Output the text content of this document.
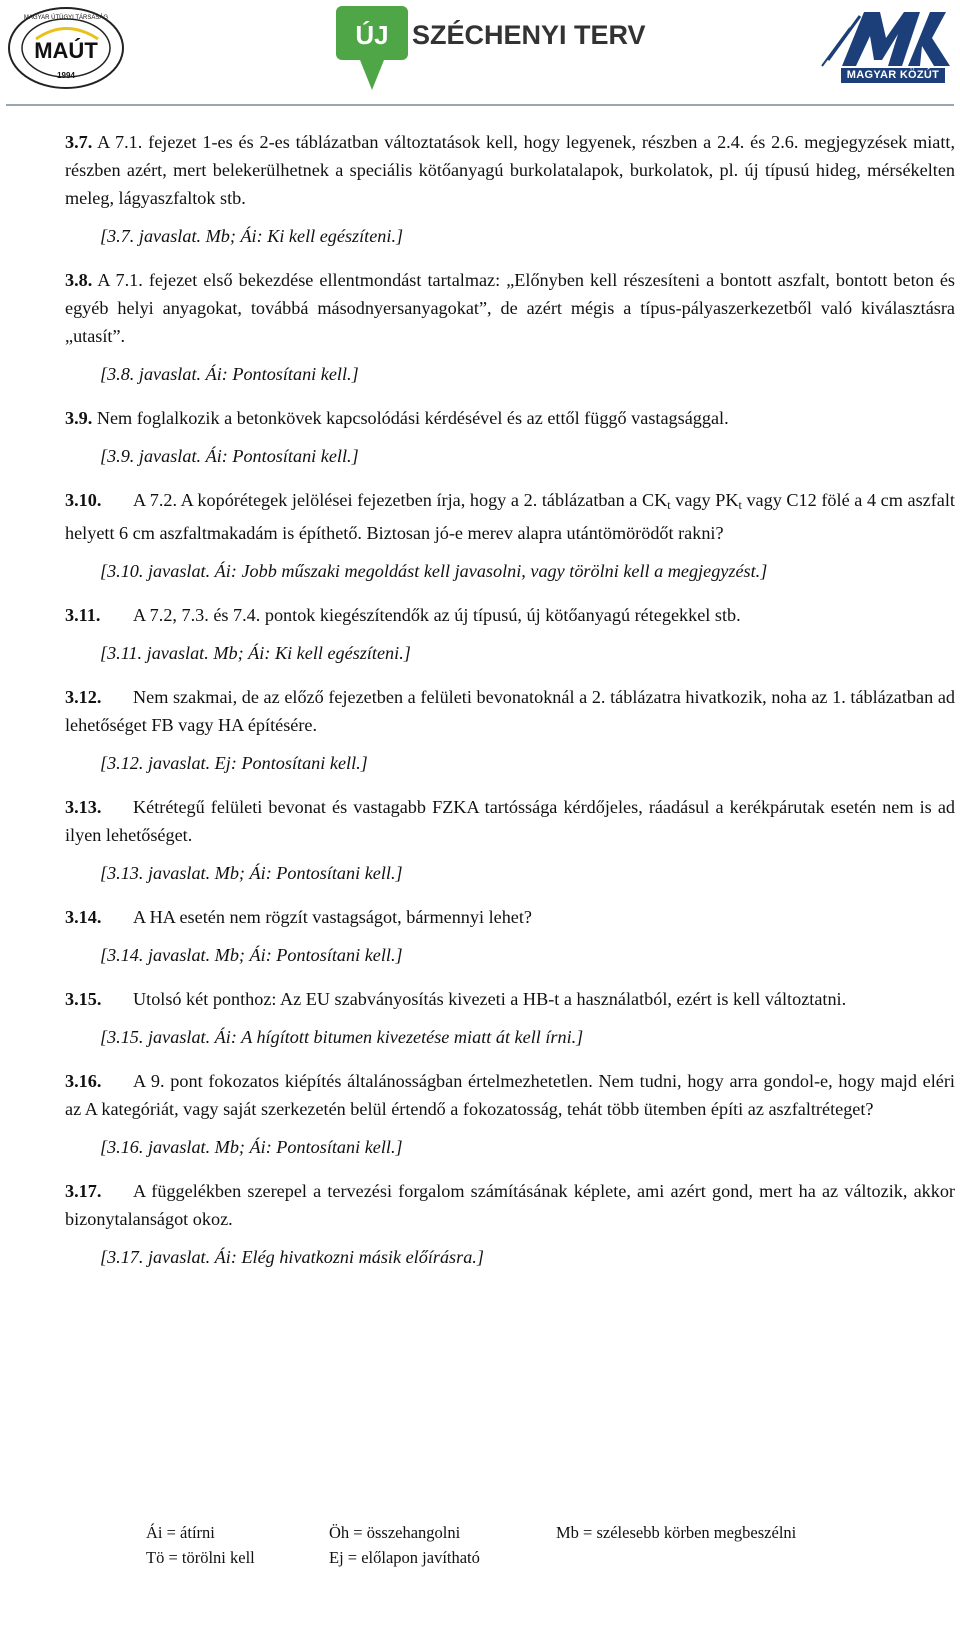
MAÚT
1994
MAGYAR ÚTÜGYI TÁRSASÁG
ÚJ SZÉCHENYI TERV
MAGYAR KÖZÚT

3.7. A 7.1. fejezet 1-es és 2-es táblázatban változtatások kell, hogy legyenek, részben a 2.4. és 2.6. megjegyzések miatt, részben azért, mert belekerülhetnek a speciális kötőanyagú burkolatalapok, burkolatok, pl. új típusú hideg, mérsékelten meleg, lágyaszfaltok stb.

[3.7. javaslat. Mb; Ái: Ki kell egészíteni.]

3.8. A 7.1. fejezet első bekezdése ellentmondást tartalmaz: „Előnyben kell részesíteni a bontott aszfalt, bontott beton és egyéb helyi anyagokat, továbbá másodnyersanyagokat”, de azért mégis a típus-pályaszerkezetből való kiválasztásra „utasít”.

[3.8. javaslat. Ái: Pontosítani kell.]

3.9. Nem foglalkozik a betonkövek kapcsolódási kérdésével és az ettől függő vastagsággal.

[3.9. javaslat. Ái: Pontosítani kell.]

3.10. A 7.2. A kopórétegek jelölései fejezetben írja, hogy a 2. táblázatban a $CK_t$ vagy $PK_t$ vagy C12 fölé a 4 cm aszfalt helyett 6 cm aszfaltmakadám is építhető. Biztosan jó-e merev alapra utántömörödőt rakni?

[3.10. javaslat. Ái: Jobb műszaki megoldást kell javasolni, vagy törölni kell a megjegyzést.]

3.11. A 7.2, 7.3. és 7.4. pontok kiegészítendők az új típusú, új kötőanyagú rétegekkel stb.

[3.11. javaslat. Mb; Ái: Ki kell egészíteni.]

3.12. Nem szakmai, de az előző fejezetben a felületi bevonatoknál a 2. táblázatra hivatkozik, noha az 1. táblázatban ad lehetőséget FB vagy HA építésére.

[3.12. javaslat. Ej: Pontosítani kell.]

3.13. Kétrétegű felületi bevonat és vastagabb FZKA tartóssága kérdőjeles, ráadásul a kerékpárutak esetén nem is ad ilyen lehetőséget.

[3.13. javaslat. Mb; Ái: Pontosítani kell.]

3.14. A HA esetén nem rögzít vastagságot, bármennyi lehet?

[3.14. javaslat. Mb; Ái: Pontosítani kell.]

3.15. Utolsó két ponthoz: Az EU szabványosítás kivezeti a HB-t a használatból, ezért is kell változtatni.

[3.15. javaslat. Ái: A hígított bitumen kivezetése miatt át kell írni.]

3.16. A 9. pont fokozatos kiépítés általánosságban értelmezhetetlen. Nem tudni, hogy arra gondol-e, hogy majd eléri az A kategóriát, vagy saját szerkezetén belül értendő a fokozatosság, tehát több ütemben építi az aszfaltréteget?

[3.16. javaslat. Mb; Ái: Pontosítani kell.]

3.17. A függelékben szerepel a tervezési forgalom számításának képlete, ami azért gond, mert ha az változik, akkor bizonytalanságot okoz.

[3.17. javaslat. Ái: Elég hivatkozni másik előírásra.]

Ái = átírni
Tö = törölni kell
Öh = összehangolni
Ej = előlapon javítható
Mb = szélesebb körben megbeszélni
